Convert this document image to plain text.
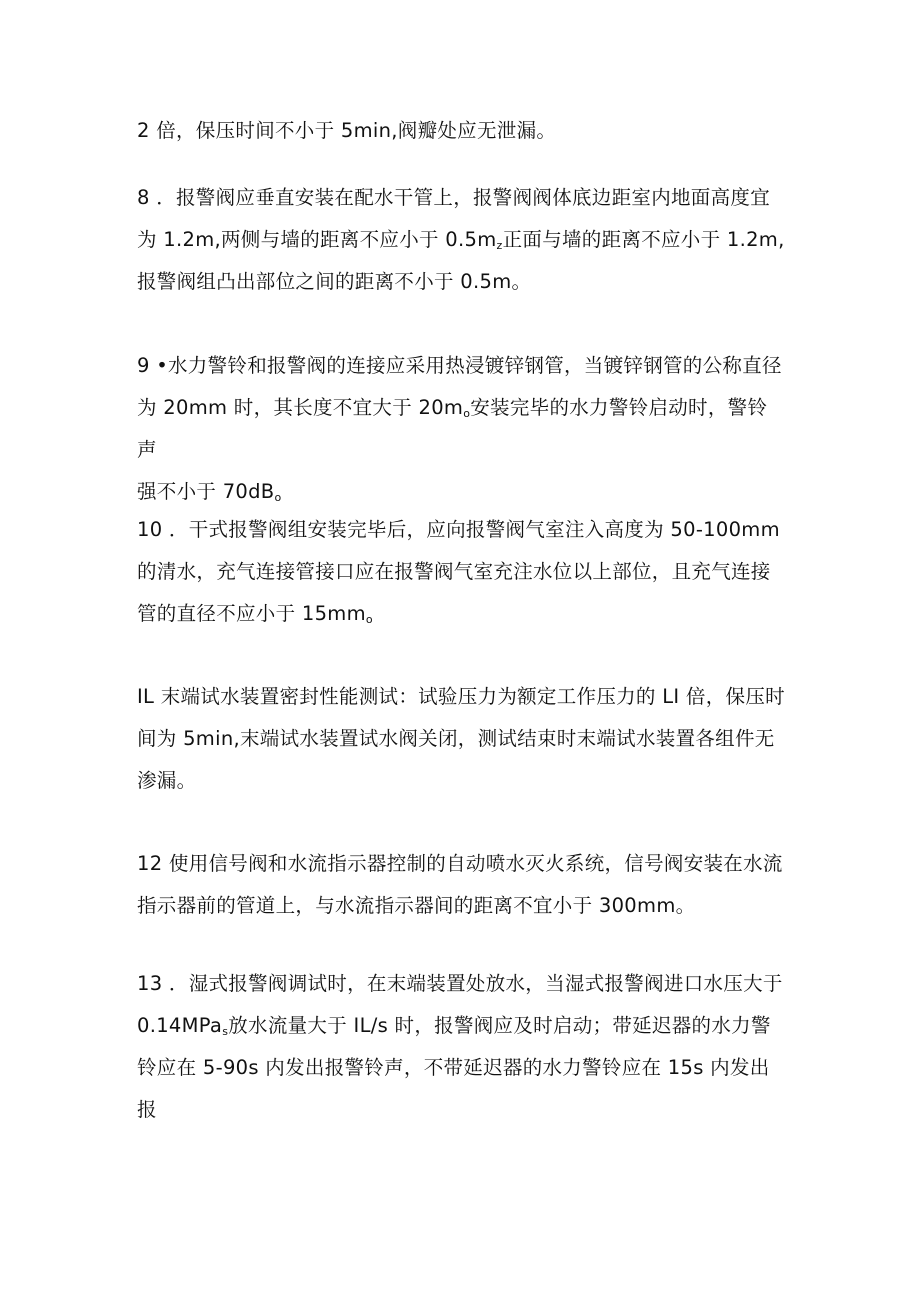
2 倍，保压时间不小于 5min,阀瓣处应无泄漏。

8 ．报警阀应垂直安装在配水干管上，报警阀阀体底边距室内地面高度宜
为 1.2m,两侧与墙的距离不应小于 $0.5m_z$正面与墙的距离不应小于 1.2m,
报警阀组凸出部位之间的距离不小于 0.5m。

9 •水力警铃和报警阀的连接应采用热浸镀锌钢管，当镀锌钢管的公称直径
为 20mm 时，其长度不宜大于 $20m_o$安装完毕的水力警铃启动时，警铃声
强不小于 $70dB_o$

10 ．干式报警阀组安装完毕后，应向报警阀气室注入高度为 50-100mm
的清水，充气连接管接口应在报警阀气室充注水位以上部位，且充气连接
管的直径不应小于 $15mm_o$

IL 末端试水装置密封性能测试：试验压力为额定工作压力的 LI 倍，保压时
间为 5min,末端试水装置试水阀关闭，测试结束时末端试水装置各组件无
渗漏。

12 使用信号阀和水流指示器控制的自动喷水灭火系统，信号阀安装在水流
指示器前的管道上，与水流指示器间的距离不宜小于 300mm。

13 ．湿式报警阀调试时，在末端装置处放水，当湿式报警阀进口水压大于
0.14MPa$_s$放水流量大于 IL/s 时，报警阀应及时启动；带延迟器的水力警
铃应在 5-90s 内发出报警铃声，不带延迟器的水力警铃应在 15s 内发出报
